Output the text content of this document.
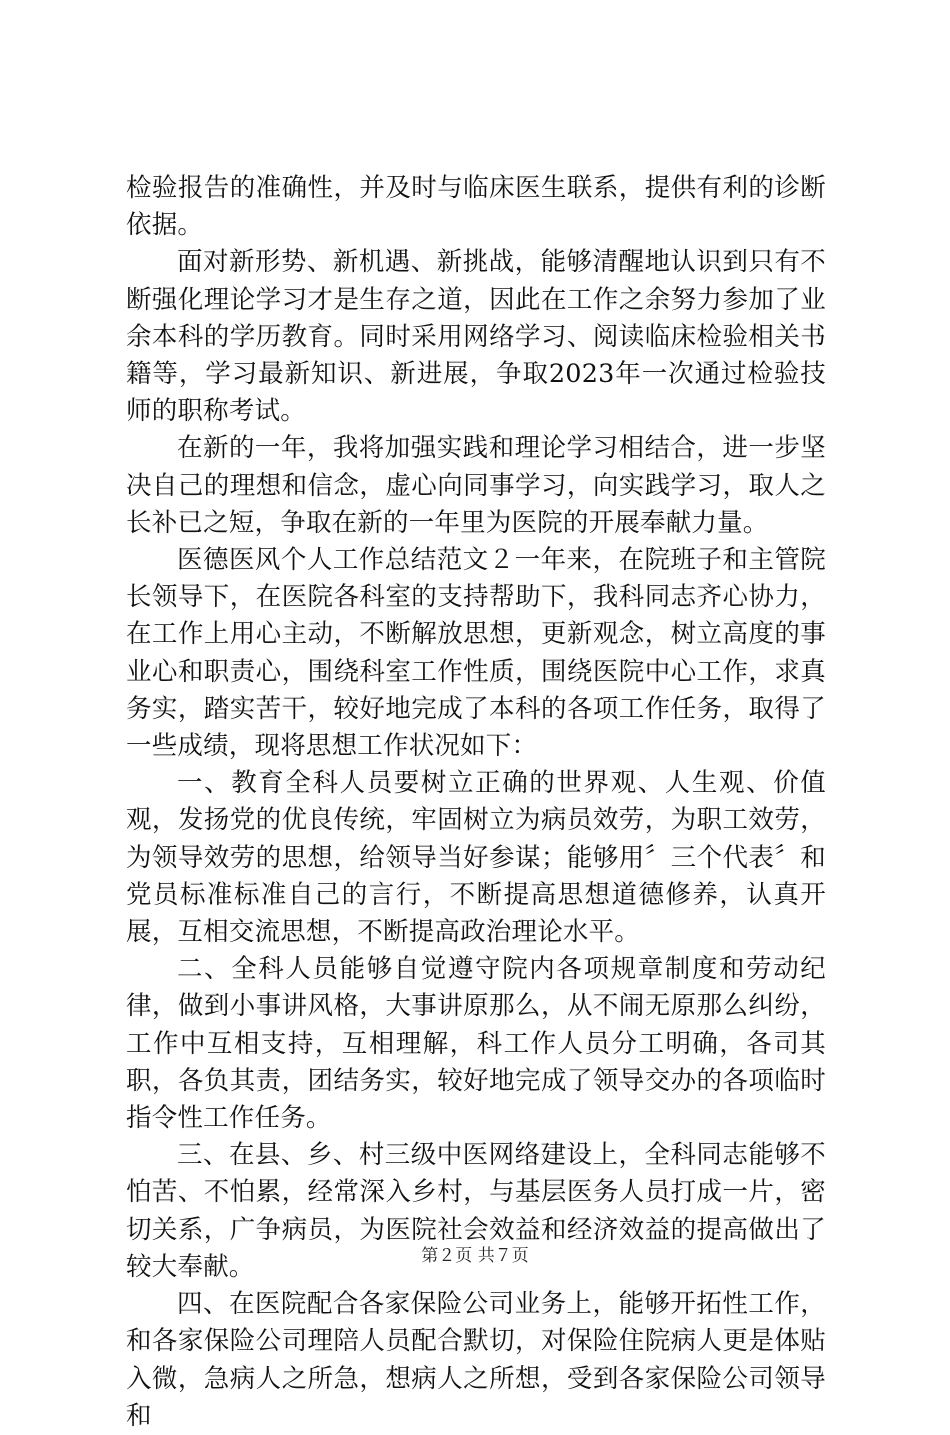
检验报告的准确性，并及时与临床医生联系，提供有利的诊断依据。

面对新形势、新机遇、新挑战，能够清醒地认识到只有不断强化理论学习才是生存之道，因此在工作之余努力参加了业余本科的学历教育。同时采用网络学习、阅读临床检验相关书籍等，学习最新知识、新进展，争取2023年一次通过检验技师的职称考试。

在新的一年，我将加强实践和理论学习相结合，进一步坚决自己的理想和信念，虚心向同事学习，向实践学习，取人之长补已之短，争取在新的一年里为医院的开展奉献力量。

医德医风个人工作总结范文２一年来，在院班子和主管院长领导下，在医院各科室的支持帮助下，我科同志齐心协力，在工作上用心主动，不断解放思想，更新观念，树立高度的事业心和职责心，围绕科室工作性质，围绕医院中心工作，求真务实，踏实苦干，较好地完成了本科的各项工作任务，取得了一些成绩，现将思想工作状况如下：

一、教育全科人员要树立正确的世界观、人生观、价值观，发扬党的优良传统，牢固树立为病员效劳，为职工效劳，为领导效劳的思想，给领导当好参谋；能够用〞三个代表〞和党员标准标准自己的言行，不断提高思想道德修养，认真开展，互相交流思想，不断提高政治理论水平。

二、全科人员能够自觉遵守院内各项规章制度和劳动纪律，做到小事讲风格，大事讲原那么，从不闹无原那么纠纷，工作中互相支持，互相理解，科工作人员分工明确，各司其职，各负其责，团结务实，较好地完成了领导交办的各项临时指令性工作任务。

三、在县、乡、村三级中医网络建设上，全科同志能够不怕苦、不怕累，经常深入乡村，与基层医务人员打成一片，密切关系，广争病员，为医院社会效益和经济效益的提高做出了较大奉献。

四、在医院配合各家保险公司业务上，能够开拓性工作，和各家保险公司理陪人员配合默切，对保险住院病人更是体贴入微，急病人之所急，想病人之所想，受到各家保险公司领导和

第２页 共７页
